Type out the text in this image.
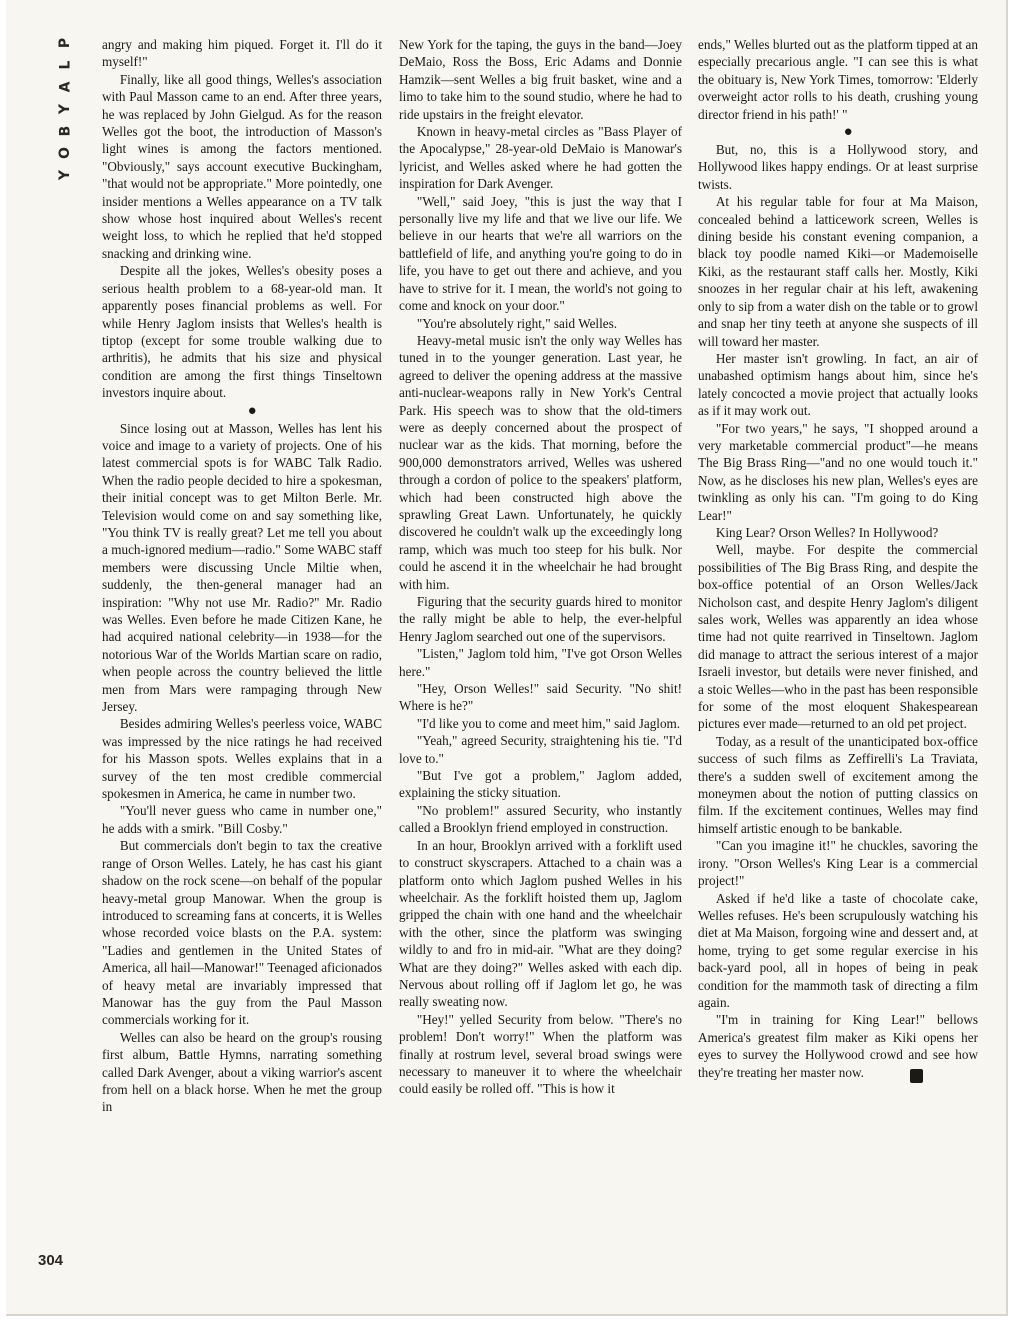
P
L
A
Y
B
O
Y

angry and making him piqued. Forget it. I'll do it myself!"

Finally, like all good things, Welles's association with Paul Masson came to an end. After three years, he was replaced by John Gielgud. As for the reason Welles got the boot, the introduction of Masson's light wines is among the factors mentioned. "Obviously," says account executive Buckingham, "that would not be appropriate." More pointedly, one insider mentions a Welles appearance on a TV talk show whose host inquired about Welles's recent weight loss, to which he replied that he'd stopped snacking and drinking wine.

Despite all the jokes, Welles's obesity poses a serious health problem to a 68-year-old man. It apparently poses financial problems as well. For while Henry Jaglom insists that Welles's health is tiptop (except for some trouble walking due to arthritis), he admits that his size and physical condition are among the first things Tinseltown investors inquire about.

●

Since losing out at Masson, Welles has lent his voice and image to a variety of projects. One of his latest commercial spots is for WABC Talk Radio. When the radio people decided to hire a spokesman, their initial concept was to get Milton Berle. Mr. Television would come on and say something like, "You think TV is really great? Let me tell you about a much-ignored medium—radio." Some WABC staff members were discussing Uncle Miltie when, suddenly, the then-general manager had an inspiration: "Why not use Mr. Radio?" Mr. Radio was Welles. Even before he made Citizen Kane, he had acquired national celebrity—in 1938—for the notorious War of the Worlds Martian scare on radio, when people across the country believed the little men from Mars were rampaging through New Jersey.

Besides admiring Welles's peerless voice, WABC was impressed by the nice ratings he had received for his Masson spots. Welles explains that in a survey of the ten most credible commercial spokesmen in America, he came in number two.

"You'll never guess who came in number one," he adds with a smirk. "Bill Cosby."

But commercials don't begin to tax the creative range of Orson Welles. Lately, he has cast his giant shadow on the rock scene—on behalf of the popular heavy-metal group Manowar. When the group is introduced to screaming fans at concerts, it is Welles whose recorded voice blasts on the P.A. system: "Ladies and gentlemen in the United States of America, all hail—Manowar!" Teenaged aficionados of heavy metal are invariably impressed that Manowar has the guy from the Paul Masson commercials working for it.

Welles can also be heard on the group's rousing first album, Battle Hymns, narrating something called Dark Avenger, about a viking warrior's ascent from hell on a black horse. When he met the group in

New York for the taping, the guys in the band—Joey DeMaio, Ross the Boss, Eric Adams and Donnie Hamzik—sent Welles a big fruit basket, wine and a limo to take him to the sound studio, where he had to ride upstairs in the freight elevator.

Known in heavy-metal circles as "Bass Player of the Apocalypse," 28-year-old DeMaio is Manowar's lyricist, and Welles asked where he had gotten the inspiration for Dark Avenger.

"Well," said Joey, "this is just the way that I personally live my life and that we live our life. We believe in our hearts that we're all warriors on the battlefield of life, and anything you're going to do in life, you have to get out there and achieve, and you have to strive for it. I mean, the world's not going to come and knock on your door."

"You're absolutely right," said Welles.

Heavy-metal music isn't the only way Welles has tuned in to the younger generation. Last year, he agreed to deliver the opening address at the massive anti-nuclear-weapons rally in New York's Central Park. His speech was to show that the old-timers were as deeply concerned about the prospect of nuclear war as the kids. That morning, before the 900,000 demonstrators arrived, Welles was ushered through a cordon of police to the speakers' platform, which had been constructed high above the sprawling Great Lawn. Unfortunately, he quickly discovered he couldn't walk up the exceedingly long ramp, which was much too steep for his bulk. Nor could he ascend it in the wheelchair he had brought with him.

Figuring that the security guards hired to monitor the rally might be able to help, the ever-helpful Henry Jaglom searched out one of the supervisors.

"Listen," Jaglom told him, "I've got Orson Welles here."

"Hey, Orson Welles!" said Security. "No shit! Where is he?"

"I'd like you to come and meet him," said Jaglom.

"Yeah," agreed Security, straightening his tie. "I'd love to."

"But I've got a problem," Jaglom added, explaining the sticky situation.

"No problem!" assured Security, who instantly called a Brooklyn friend employed in construction.

In an hour, Brooklyn arrived with a forklift used to construct skyscrapers. Attached to a chain was a platform onto which Jaglom pushed Welles in his wheelchair. As the forklift hoisted them up, Jaglom gripped the chain with one hand and the wheelchair with the other, since the platform was swinging wildly to and fro in mid-air. "What are they doing? What are they doing?" Welles asked with each dip. Nervous about rolling off if Jaglom let go, he was really sweating now.

"Hey!" yelled Security from below. "There's no problem! Don't worry!" When the platform was finally at rostrum level, several broad swings were necessary to maneuver it to where the wheelchair could easily be rolled off. "This is how it

ends," Welles blurted out as the platform tipped at an especially precarious angle. "I can see this is what the obituary is, New York Times, tomorrow: 'Elderly overweight actor rolls to his death, crushing young director friend in his path!' "

●

But, no, this is a Hollywood story, and Hollywood likes happy endings. Or at least surprise twists.

At his regular table for four at Ma Maison, concealed behind a latticework screen, Welles is dining beside his constant evening companion, a black toy poodle named Kiki—or Mademoiselle Kiki, as the restaurant staff calls her. Mostly, Kiki snoozes in her regular chair at his left, awakening only to sip from a water dish on the table or to growl and snap her tiny teeth at anyone she suspects of ill will toward her master.

Her master isn't growling. In fact, an air of unabashed optimism hangs about him, since he's lately concocted a movie project that actually looks as if it may work out.

"For two years," he says, "I shopped around a very marketable commercial product"—he means The Big Brass Ring—"and no one would touch it." Now, as he discloses his new plan, Welles's eyes are twinkling as only his can. "I'm going to do King Lear!"

King Lear? Orson Welles? In Hollywood?

Well, maybe. For despite the commercial possibilities of The Big Brass Ring, and despite the box-office potential of an Orson Welles/Jack Nicholson cast, and despite Henry Jaglom's diligent sales work, Welles was apparently an idea whose time had not quite rearrived in Tinseltown. Jaglom did manage to attract the serious interest of a major Israeli investor, but details were never finished, and a stoic Welles—who in the past has been responsible for some of the most eloquent Shakespearean pictures ever made—returned to an old pet project.

Today, as a result of the unanticipated box-office success of such films as Zeffirelli's La Traviata, there's a sudden swell of excitement among the moneymen about the notion of putting classics on film. If the excitement continues, Welles may find himself artistic enough to be bankable.

"Can you imagine it!" he chuckles, savoring the irony. "Orson Welles's King Lear is a commercial project!"

Asked if he'd like a taste of chocolate cake, Welles refuses. He's been scrupulously watching his diet at Ma Maison, forgoing wine and dessert and, at home, trying to get some regular exercise in his back-yard pool, all in hopes of being in peak condition for the mammoth task of directing a film again.

"I'm in training for King Lear!" bellows America's greatest film maker as Kiki opens her eyes to survey the Hollywood crowd and see how they're treating her master now.	❦

304
